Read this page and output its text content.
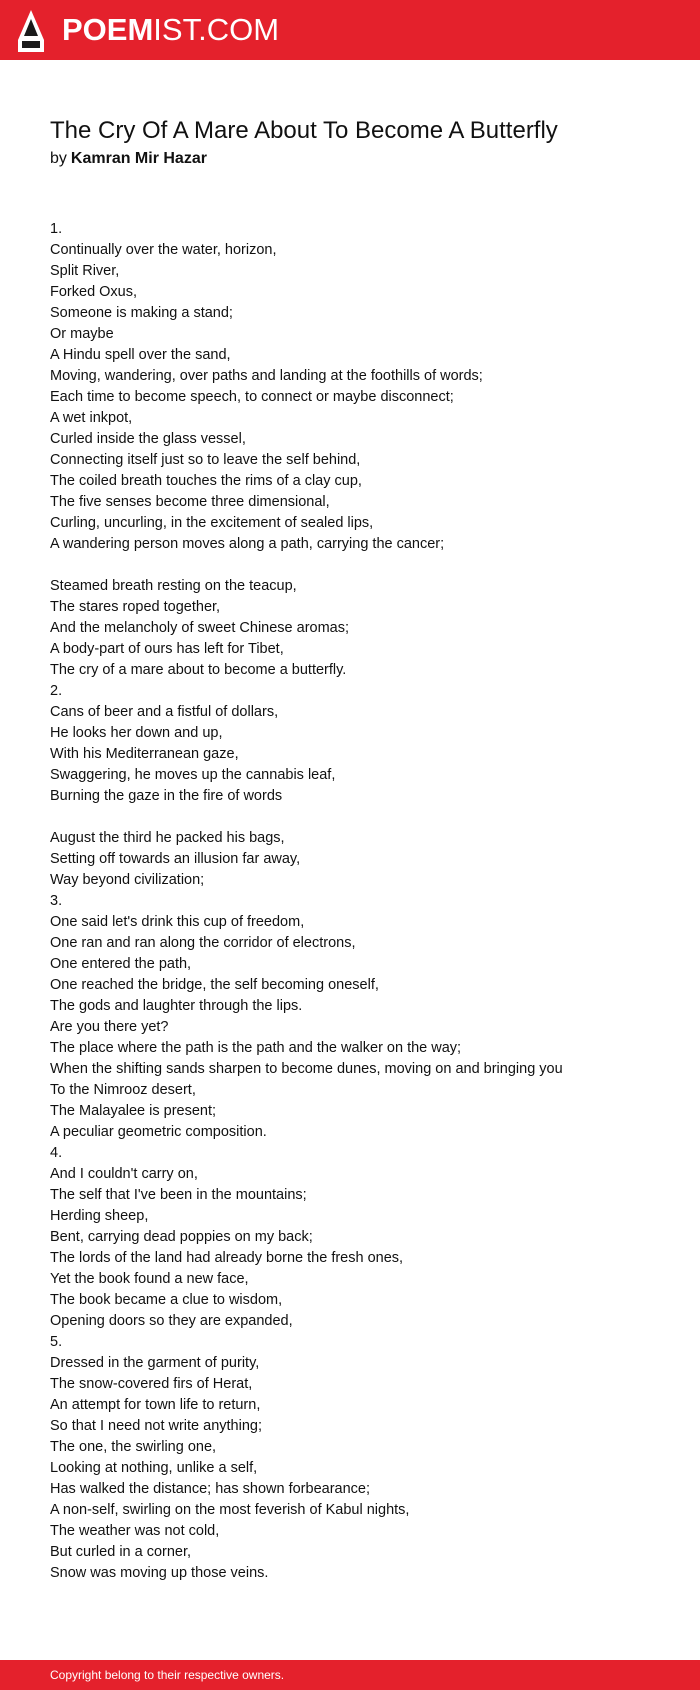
POEMIST.COM
The Cry Of A Mare About To Become A Butterfly
by Kamran Mir Hazar
1.
Continually over the water, horizon,
Split River,
Forked Oxus,
Someone is making a stand;
Or maybe
A Hindu spell over the sand,
Moving, wandering, over paths and landing at the foothills of words;
Each time to become speech, to connect or maybe disconnect;
A wet inkpot,
Curled inside the glass vessel,
Connecting itself just so to leave the self behind,
The coiled breath touches the rims of a clay cup,
The five senses become three dimensional,
Curling, uncurling, in the excitement of sealed lips,
A wandering person moves along a path, carrying the cancer;
Steamed breath resting on the teacup,
The stares roped together,
And the melancholy of sweet Chinese aromas;
A body-part of ours has left for Tibet,
The cry of a mare about to become a butterfly.
2.
Cans of beer and a fistful of dollars,
He looks her down and up,
With his Mediterranean gaze,
Swaggering, he moves up the cannabis leaf,
Burning the gaze in the fire of words
August the third he packed his bags,
Setting off towards an illusion far away,
Way beyond civilization;
3.
One said let's drink this cup of freedom,
One ran and ran along the corridor of electrons,
One entered the path,
One reached the bridge, the self becoming oneself,
The gods and laughter through the lips.
Are you there yet?
The place where the path is the path and the walker on the way;
When the shifting sands sharpen to become dunes, moving on and bringing you
To the Nimrooz desert,
The Malayalee is present;
A peculiar geometric composition.
4.
And I couldn't carry on,
The self that I've been in the mountains;
Herding sheep,
Bent, carrying dead poppies on my back;
The lords of the land had already borne the fresh ones,
Yet the book found a new face,
The book became a clue to wisdom,
Opening doors so they are expanded,
5.
Dressed in the garment of purity,
The snow-covered firs of Herat,
An attempt for town life to return,
So that I need not write anything;
The one, the swirling one,
Looking at nothing, unlike a self,
Has walked the distance; has shown forbearance;
A non-self, swirling on the most feverish of Kabul nights,
The weather was not cold,
But curled in a corner,
Snow was moving up those veins.
Copyright belong to their respective owners.
